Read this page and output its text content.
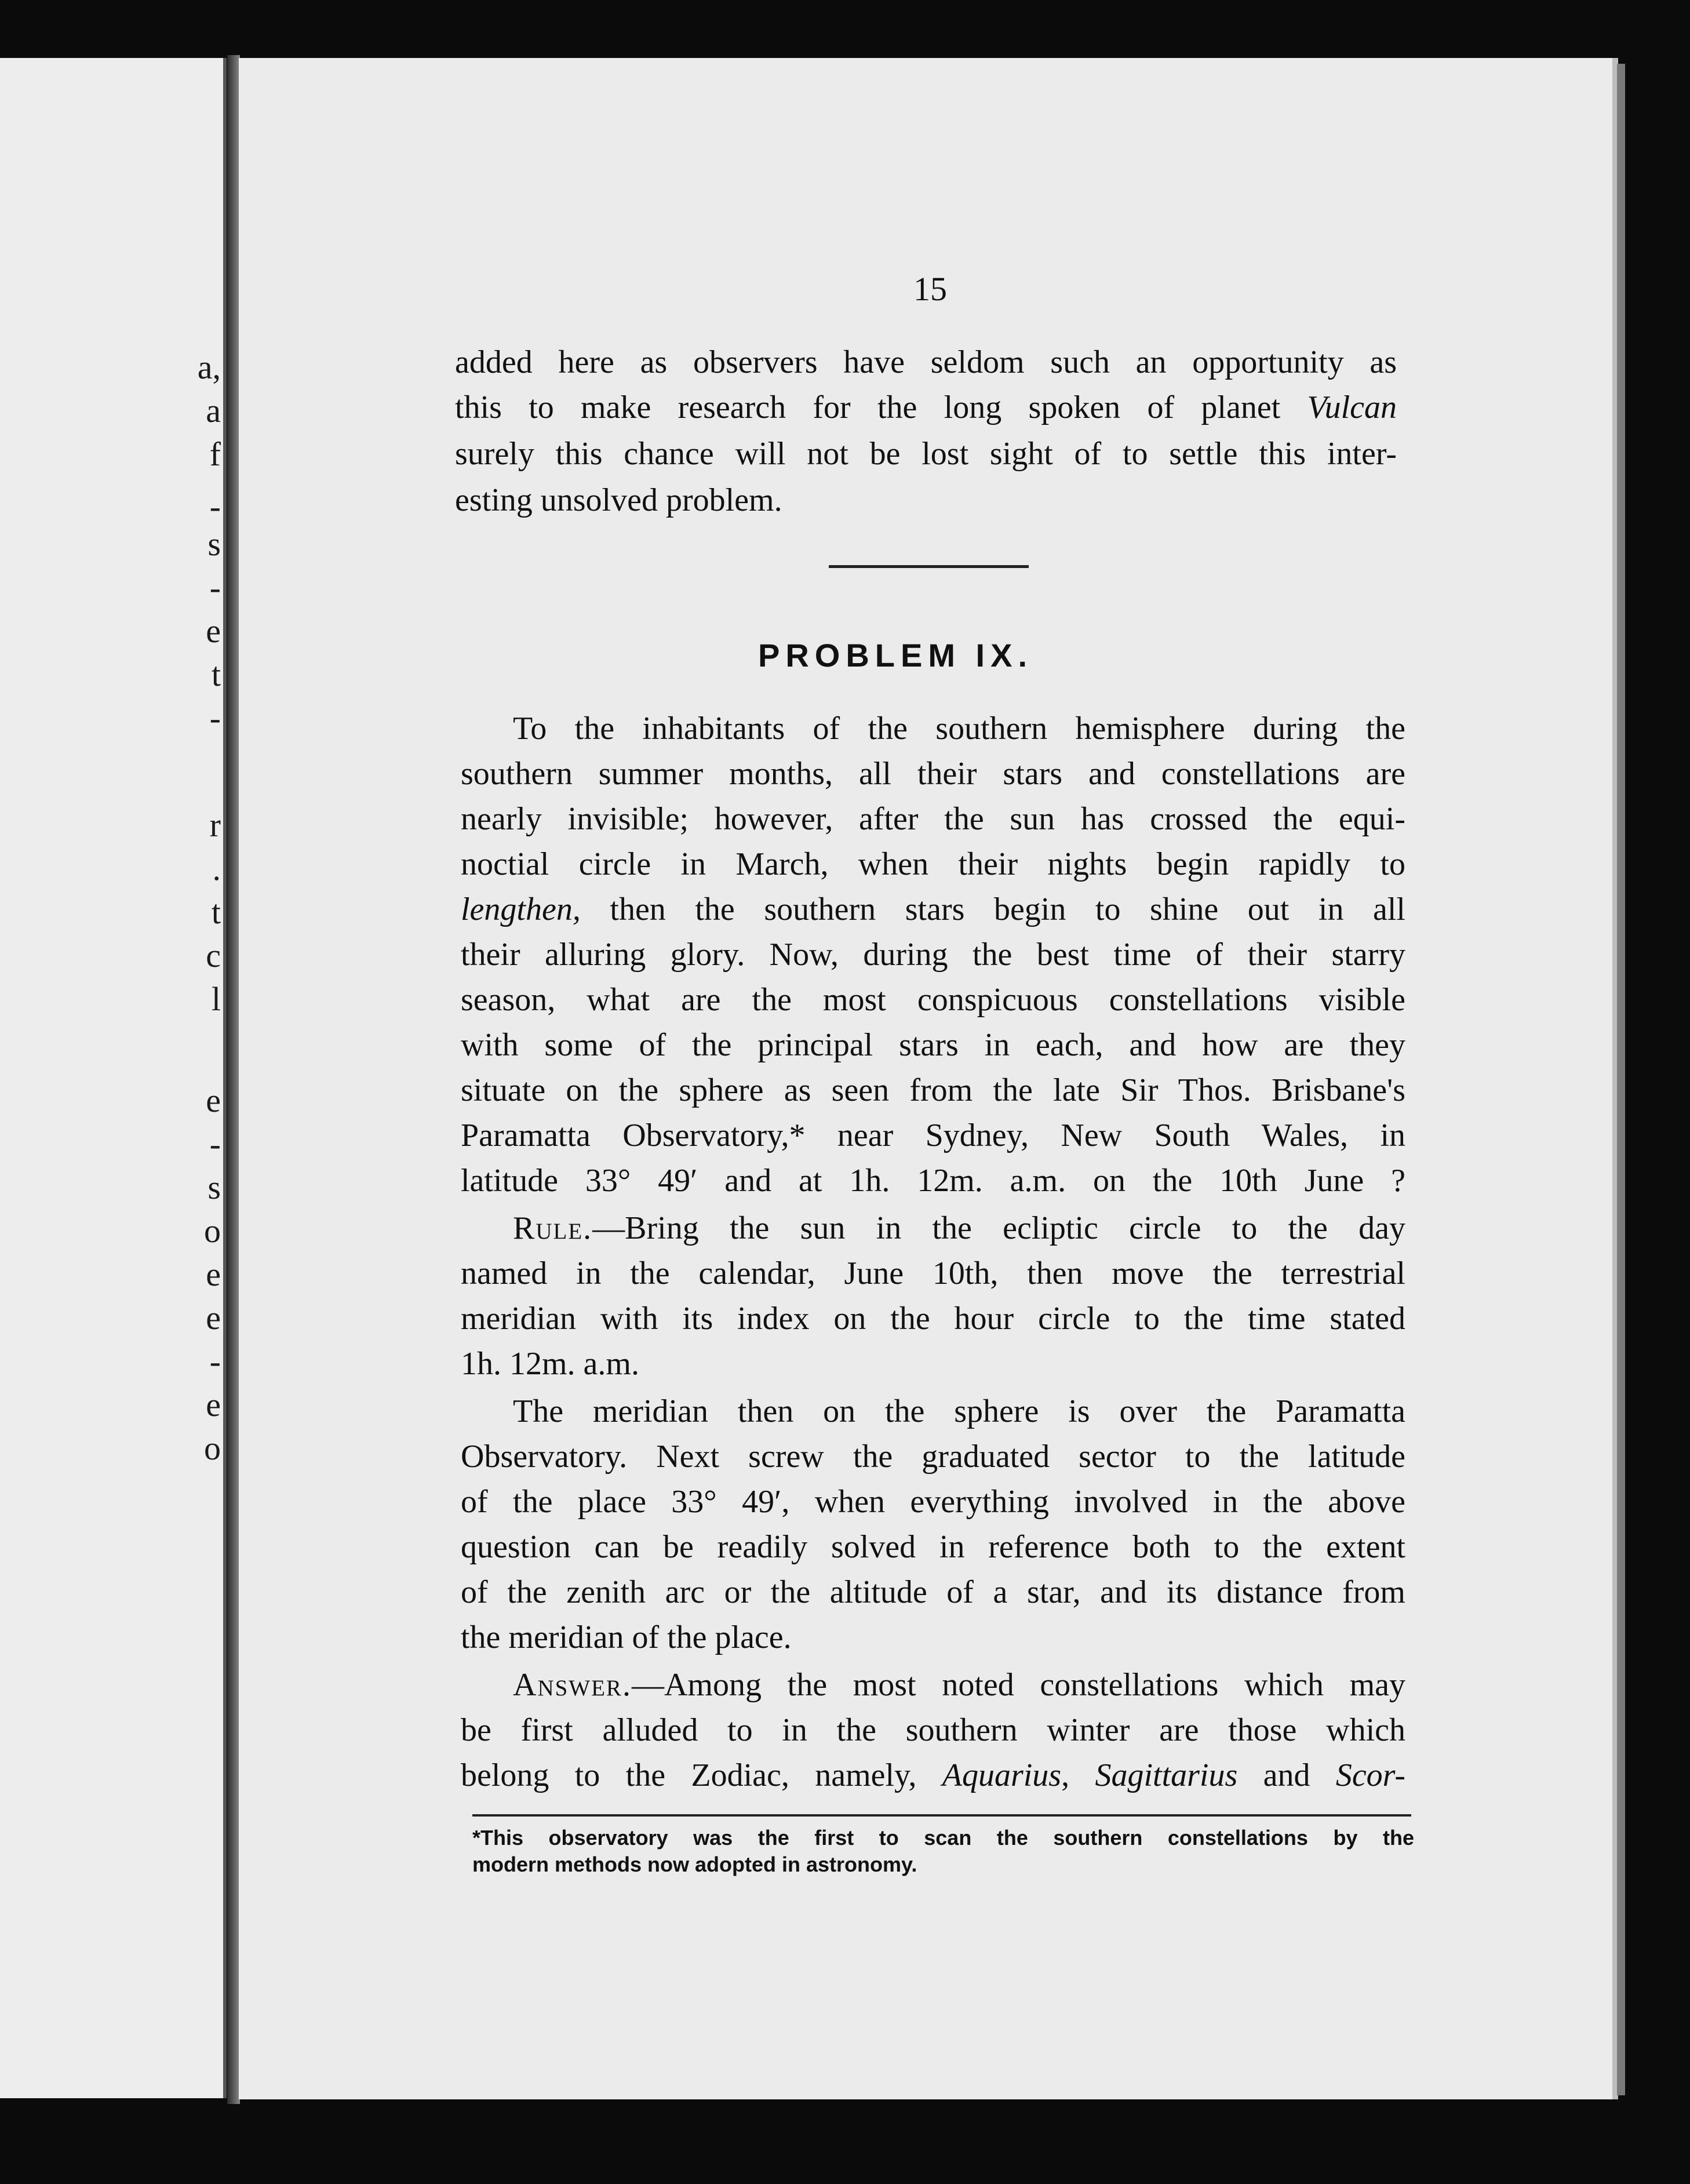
a,
a
f
-
s
-
e
t
-
r
.
t
c
l
e
-
s
o
e
e
-
e
o
15
added here as observers have seldom such an opportunity as
this to make research for the long spoken of planet Vulcan
surely this chance will not be lost sight of to settle this inter-
esting unsolved problem.
PROBLEM IX.
To the inhabitants of the southern hemisphere during the
southern summer months, all their stars and constellations are
nearly invisible; however, after the sun has crossed the equi-
noctial circle in March, when their nights begin rapidly to
lengthen, then the southern stars begin to shine out in all
their alluring glory. Now, during the best time of their starry
season, what are the most conspicuous constellations visible
with some of the principal stars in each, and how are they
situate on the sphere as seen from the late Sir Thos. Brisbane's
Paramatta Observatory,* near Sydney, New South Wales, in
latitude 33° 49′ and at 1h. 12m. a.m. on the 10th June ?
Rule.—Bring the sun in the ecliptic circle to the day
named in the calendar, June 10th, then move the terrestrial
meridian with its index on the hour circle to the time stated
1h. 12m. a.m.
The meridian then on the sphere is over the Paramatta
Observatory. Next screw the graduated sector to the latitude
of the place 33° 49′, when everything involved in the above
question can be readily solved in reference both to the extent
of the zenith arc or the altitude of a star, and its distance from
the meridian of the place.
Answer.—Among the most noted constellations which may
be first alluded to in the southern winter are those which
belong to the Zodiac, namely, Aquarius, Sagittarius and Scor-
*This observatory was the first to scan the southern constellations by the
modern methods now adopted in astronomy.
